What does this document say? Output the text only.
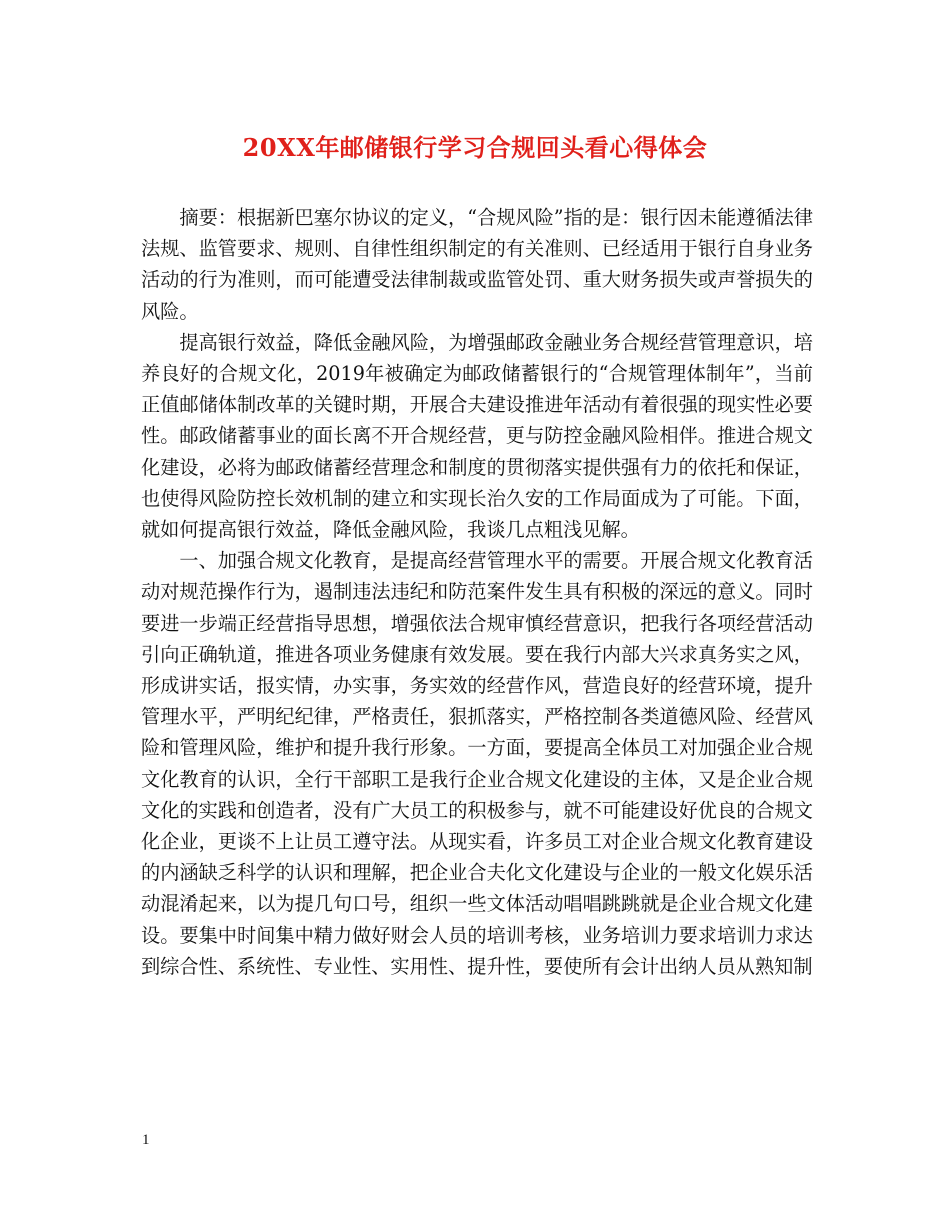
20XX年邮储银行学习合规回头看心得体会

摘要：根据新巴塞尔协议的定义，“合规风险”指的是：银行因未能遵循法律法规、监管要求、规则、自律性组织制定的有关准则、已经适用于银行自身业务活动的行为准则，而可能遭受法律制裁或监管处罚、重大财务损失或声誉损失的风险。

提高银行效益，降低金融风险，为增强邮政金融业务合规经营管理意识，培养良好的合规文化，2019年被确定为邮政储蓄银行的“合规管理体制年”，当前正值邮储体制改革的关键时期，开展合夫建设推进年活动有着很强的现实性必要性。邮政储蓄事业的面长离不开合规经营，更与防控金融风险相伴。推进合规文化建设，必将为邮政储蓄经营理念和制度的贯彻落实提供强有力的依托和保证，也使得风险防控长效机制的建立和实现长治久安的工作局面成为了可能。下面，就如何提高银行效益，降低金融风险，我谈几点粗浅见解。

一、加强合规文化教育，是提高经营管理水平的需要。开展合规文化教育活动对规范操作行为，遏制违法违纪和防范案件发生具有积极的深远的意义。同时要进一步端正经营指导思想，增强依法合规审慎经营意识，把我行各项经营活动引向正确轨道，推进各项业务健康有效发展。要在我行内部大兴求真务实之风，形成讲实话，报实情，办实事，务实效的经营作风，营造良好的经营环境，提升管理水平，严明纪纪律，严格责任，狠抓落实，严格控制各类道德风险、经营风险和管理风险，维护和提升我行形象。一方面，要提高全体员工对加强企业合规文化教育的认识，全行干部职工是我行企业合规文化建设的主体，又是企业合规文化的实践和创造者，没有广大员工的积极参与，就不可能建设好优良的合规文化企业，更谈不上让员工遵守法。从现实看，许多员工对企业合规文化教育建设的内涵缺乏科学的认识和理解，把企业合夫化文化建设与企业的一般文化娱乐活动混淆起来，以为提几句口号，组织一些文体活动唱唱跳跳就是企业合规文化建设。要集中时间集中精力做好财会人员的培训考核，业务培训力要求培训力求达到综合性、系统性、专业性、实用性、提升性，要使所有会计出纳人员从熟知制

1
